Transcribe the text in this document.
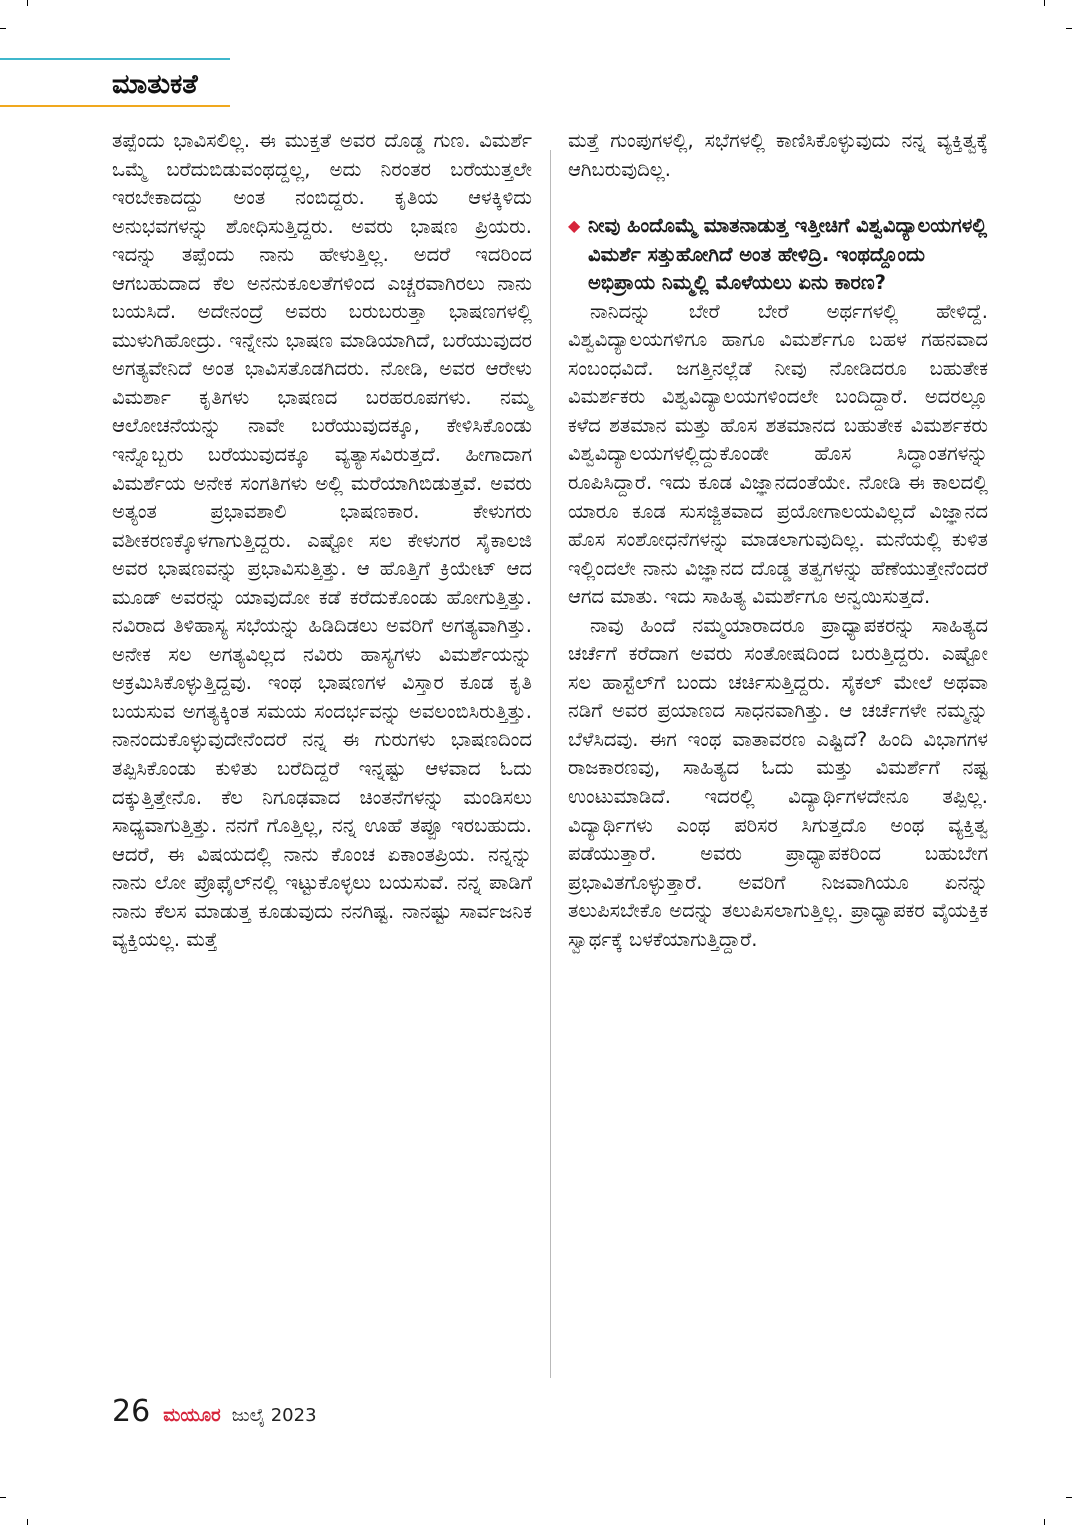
ಮಾತುಕತೆ

ತಪ್ಪೆಂದು ಭಾವಿಸಲಿಲ್ಲ. ಈ ಮುಕ್ತತೆ ಅವರ ದೊಡ್ಡ ಗುಣ. ವಿಮರ್ಶೆ ಒಮ್ಮೆ ಬರೆದುಬಿಡುವಂಥದ್ದಲ್ಲ, ಅದು ನಿರಂತರ ಬರೆಯುತ್ತಲೇ ಇರಬೇಕಾದದ್ದು ಅಂತ ನಂಬಿದ್ದರು. ಕೃತಿಯ ಆಳಕ್ಕಿಳಿದು ಅನುಭವಗಳನ್ನು ಶೋಧಿಸುತ್ತಿದ್ದರು. ಅವರು ಭಾಷಣ ಪ್ರಿಯರು. ಇದನ್ನು ತಪ್ಪೆಂದು ನಾನು ಹೇಳುತ್ತಿಲ್ಲ. ಅದರೆ ಇದರಿಂದ ಆಗಬಹುದಾದ ಕೆಲ ಅನನುಕೂಲತೆಗಳಿಂದ ಎಚ್ಚರವಾಗಿರಲು ನಾನು ಬಯಸಿದೆ. ಅದೇನಂದ್ರೆ ಅವರು ಬರುಬರುತ್ತಾ ಭಾಷಣಗಳಲ್ಲಿ ಮುಳುಗಿಹೋದ್ರು. ಇನ್ನೇನು ಭಾಷಣ ಮಾಡಿಯಾಗಿದೆ, ಬರೆಯುವುದರ ಅಗತ್ಯವೇನಿದೆ ಅಂತ ಭಾವಿಸತೊಡಗಿದರು. ನೋಡಿ, ಅವರ ಆರೇಳು ವಿಮರ್ಶಾ ಕೃತಿಗಳು ಭಾಷಣದ ಬರಹರೂಪಗಳು. ನಮ್ಮ ಆಲೋಚನೆಯನ್ನು ನಾವೇ ಬರೆಯುವುದಕ್ಕೂ, ಕೇಳಿಸಿಕೊಂಡು ಇನ್ನೊಬ್ಬರು ಬರೆಯುವುದಕ್ಕೂ ವ್ಯತ್ಯಾಸವಿರುತ್ತದೆ. ಹೀಗಾದಾಗ ವಿಮರ್ಶೆಯ ಅನೇಕ ಸಂಗತಿಗಳು ಅಲ್ಲಿ ಮರೆಯಾಗಿಬಿಡುತ್ತವೆ. ಅವರು ಅತ್ಯಂತ ಪ್ರಭಾವಶಾಲಿ ಭಾಷಣಕಾರ. ಕೇಳುಗರು ವಶೀಕರಣಕ್ಕೊಳಗಾಗುತ್ತಿದ್ದರು. ಎಷ್ಟೋ ಸಲ ಕೇಳುಗರ ಸೈಕಾಲಜಿ ಅವರ ಭಾಷಣವನ್ನು ಪ್ರಭಾವಿಸುತ್ತಿತ್ತು. ಆ ಹೊತ್ತಿಗೆ ಕ್ರಿಯೇಟ್ ಆದ ಮೂಡ್ ಅವರನ್ನು ಯಾವುದೋ ಕಡೆ ಕರೆದುಕೊಂಡು ಹೋಗುತ್ತಿತ್ತು. ನವಿರಾದ ತಿಳಿಹಾಸ್ಯ ಸಭೆಯನ್ನು ಹಿಡಿದಿಡಲು ಅವರಿಗೆ ಅಗತ್ಯವಾಗಿತ್ತು. ಅನೇಕ ಸಲ ಅಗತ್ಯವಿಲ್ಲದ ನವಿರು ಹಾಸ್ಯಗಳು ವಿಮರ್ಶೆಯನ್ನು ಅಕ್ರಮಿಸಿಕೊಳ್ಳುತ್ತಿದ್ದವು. ಇಂಥ ಭಾಷಣಗಳ ವಿಸ್ತಾರ ಕೂಡ ಕೃತಿ ಬಯಸುವ ಅಗತ್ಯಕ್ಕಿಂತ ಸಮಯ ಸಂದರ್ಭವನ್ನು ಅವಲಂಬಿಸಿರುತ್ತಿತ್ತು. ನಾನಂದುಕೊಳ್ಳುವುದೇನೆಂದರೆ ನನ್ನ ಈ ಗುರುಗಳು ಭಾಷಣದಿಂದ ತಪ್ಪಿಸಿಕೊಂಡು ಕುಳಿತು ಬರೆದಿದ್ದರೆ ಇನ್ನಷ್ಟು ಆಳವಾದ ಓದು ದಕ್ಕುತ್ತಿತ್ತೇನೊ. ಕೆಲ ನಿಗೂಢವಾದ ಚಿಂತನೆಗಳನ್ನು ಮಂಡಿಸಲು ಸಾಧ್ಯವಾಗುತ್ತಿತ್ತು. ನನಗೆ ಗೊತ್ತಿಲ್ಲ, ನನ್ನ ಊಹೆ ತಪ್ಪೂ ಇರಬಹುದು. ಆದರೆ, ಈ ವಿಷಯದಲ್ಲಿ ನಾನು ಕೊಂಚ ಏಕಾಂತಪ್ರಿಯ. ನನ್ನನ್ನು ನಾನು ಲೋ ಪ್ರೊಫೈಲ್‌ನಲ್ಲಿ ಇಟ್ಟುಕೊಳ್ಳಲು ಬಯಸುವೆ. ನನ್ನ ಪಾಡಿಗೆ ನಾನು ಕೆಲಸ ಮಾಡುತ್ತ ಕೂಡುವುದು ನನಗಿಷ್ಟ. ನಾನಷ್ಟು ಸಾರ್ವಜನಿಕ ವ್ಯಕ್ತಿಯಲ್ಲ. ಮತ್ತೆ

ಮತ್ತೆ ಗುಂಪುಗಳಲ್ಲಿ, ಸಭೆಗಳಲ್ಲಿ ಕಾಣಿಸಿಕೊಳ್ಳುವುದು ನನ್ನ ವ್ಯಕ್ತಿತ್ವಕ್ಕೆ ಆಗಿಬರುವುದಿಲ್ಲ.

◆ ನೀವು ಹಿಂದೊಮ್ಮೆ ಮಾತನಾಡುತ್ತ ಇತ್ತೀಚಿಗೆ ವಿಶ್ವವಿದ್ಯಾಲಯಗಳಲ್ಲಿ ವಿಮರ್ಶೆ ಸತ್ತುಹೋಗಿದೆ ಅಂತ ಹೇಳಿದ್ರಿ. ಇಂಥದ್ದೊಂದು ಅಭಿಪ್ರಾಯ ನಿಮ್ಮಲ್ಲಿ ಮೊಳೆಯಲು ಏನು ಕಾರಣ?

ನಾನಿದನ್ನು ಬೇರೆ ಬೇರೆ ಅರ್ಥಗಳಲ್ಲಿ ಹೇಳಿದ್ದೆ. ವಿಶ್ವವಿದ್ಯಾಲಯಗಳಿಗೂ ಹಾಗೂ ವಿಮರ್ಶೆಗೂ ಬಹಳ ಗಹನವಾದ ಸಂಬಂಧವಿದೆ. ಜಗತ್ತಿನಲ್ಲೆಡೆ ನೀವು ನೋಡಿದರೂ ಬಹುತೇಕ ವಿಮರ್ಶಕರು ವಿಶ್ವವಿದ್ಯಾಲಯಗಳಿಂದಲೇ ಬಂದಿದ್ದಾರೆ. ಅದರಲ್ಲೂ ಕಳೆದ ಶತಮಾನ ಮತ್ತು ಹೊಸ ಶತಮಾನದ ಬಹುತೇಕ ವಿಮರ್ಶಕರು ವಿಶ್ವವಿದ್ಯಾಲಯಗಳಲ್ಲಿದ್ದುಕೊಂಡೇ ಹೊಸ ಸಿದ್ಧಾಂತಗಳನ್ನು ರೂಪಿಸಿದ್ದಾರೆ. ಇದು ಕೂಡ ವಿಜ್ಞಾನದಂತೆಯೇ. ನೋಡಿ ಈ ಕಾಲದಲ್ಲಿ ಯಾರೂ ಕೂಡ ಸುಸಜ್ಜಿತವಾದ ಪ್ರಯೋಗಾಲಯವಿಲ್ಲದೆ ವಿಜ್ಞಾನದ ಹೊಸ ಸಂಶೋಧನೆಗಳನ್ನು ಮಾಡಲಾಗುವುದಿಲ್ಲ. ಮನೆಯಲ್ಲಿ ಕುಳಿತ ಇಲ್ಲಿಂದಲೇ ನಾನು ವಿಜ್ಞಾನದ ದೊಡ್ಡ ತತ್ವಗಳನ್ನು ಹೆಣೆಯುತ್ತೇನೆಂದರೆ ಆಗದ ಮಾತು. ಇದು ಸಾಹಿತ್ಯ ವಿಮರ್ಶೆಗೂ ಅನ್ವಯಿಸುತ್ತದೆ.

ನಾವು ಹಿಂದೆ ನಮ್ಮಯಾರಾದರೂ ಪ್ರಾಧ್ಯಾಪಕರನ್ನು ಸಾಹಿತ್ಯದ ಚರ್ಚೆಗೆ ಕರೆದಾಗ ಅವರು ಸಂತೋಷದಿಂದ ಬರುತ್ತಿದ್ದರು. ಎಷ್ಟೋ ಸಲ ಹಾಸ್ಟೆಲ್‌ಗೆ ಬಂದು ಚರ್ಚಿಸುತ್ತಿದ್ದರು. ಸೈಕಲ್ ಮೇಲೆ ಅಥವಾ ನಡಿಗೆ ಅವರ ಪ್ರಯಾಣದ ಸಾಧನವಾಗಿತ್ತು. ಆ ಚರ್ಚೆಗಳೇ ನಮ್ಮನ್ನು ಬೆಳೆಸಿದವು. ಈಗ ಇಂಥ ವಾತಾವರಣ ಎಷ್ಟಿದೆ? ಹಿಂದಿ ವಿಭಾಗಗಳ ರಾಜಕಾರಣವು, ಸಾಹಿತ್ಯದ ಓದು ಮತ್ತು ವಿಮರ್ಶೆಗೆ ನಷ್ಟ ಉಂಟುಮಾಡಿದೆ. ಇದರಲ್ಲಿ ವಿದ್ಯಾರ್ಥಿಗಳದೇನೂ ತಪ್ಪಿಲ್ಲ. ವಿದ್ಯಾರ್ಥಿಗಳು ಎಂಥ ಪರಿಸರ ಸಿಗುತ್ತದೊ ಅಂಥ ವ್ಯಕ್ತಿತ್ವ ಪಡೆಯುತ್ತಾರೆ. ಅವರು ಪ್ರಾಧ್ಯಾಪಕರಿಂದ ಬಹುಬೇಗ ಪ್ರಭಾವಿತಗೊಳ್ಳುತ್ತಾರೆ. ಅವರಿಗೆ ನಿಜವಾಗಿಯೂ ಏನನ್ನು ತಲುಪಿಸಬೇಕೊ ಅದನ್ನು ತಲುಪಿಸಲಾಗುತ್ತಿಲ್ಲ. ಪ್ರಾಧ್ಯಾಪಕರ ವೈಯಕ್ತಿಕ ಸ್ವಾರ್ಥಕ್ಕೆ ಬಳಕೆಯಾಗುತ್ತಿದ್ದಾರೆ.

26 ಮಯೂರ ಜುಲೈ 2023
